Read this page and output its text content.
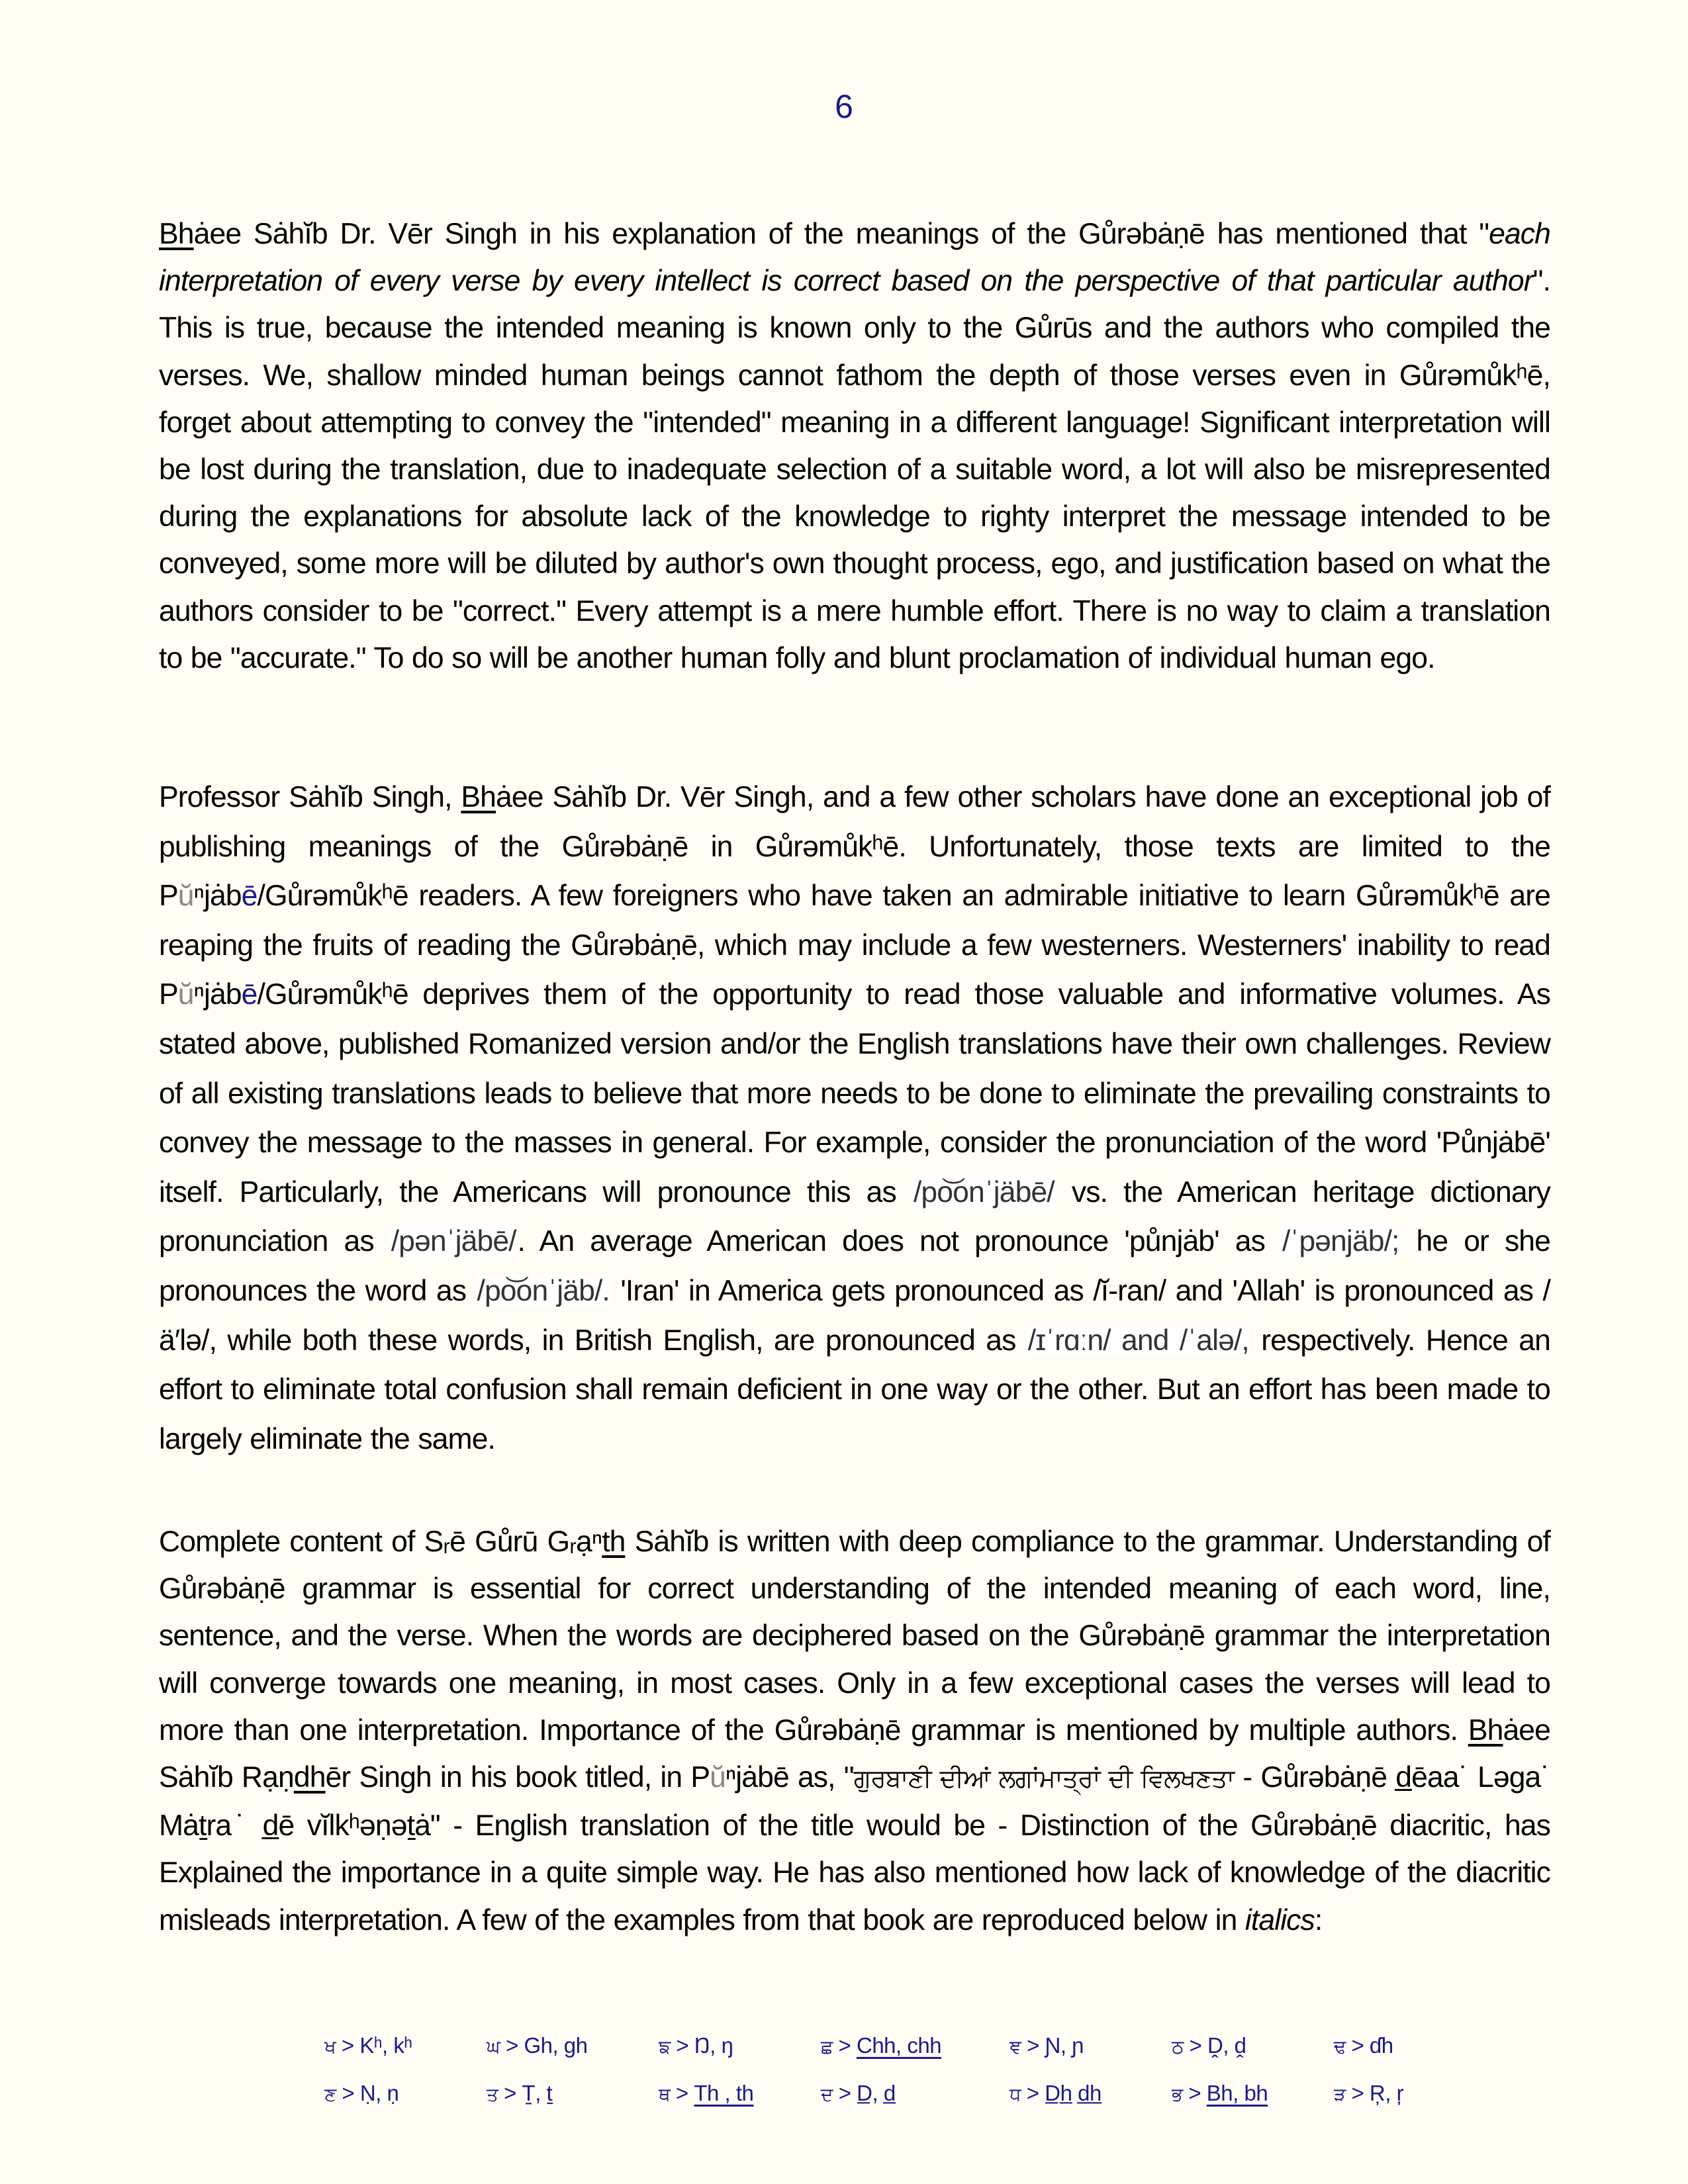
6

Bhȧee Sȧhĭb Dr. Vēr Singh in his explanation of the meanings of the Gůrəbȧṇē has mentioned that "each interpretation of every verse by every intellect is correct based on the perspective of that particular author". This is true, because the intended meaning is known only to the Gůrūs and the authors who compiled the verses. We, shallow minded human beings cannot fathom the depth of those verses even in Gůrəmůkʰē, forget about attempting to convey the "intended" meaning in a different language! Significant interpretation will be lost during the translation, due to inadequate selection of a suitable word, a lot will also be misrepresented during the explanations for absolute lack of the knowledge to righty interpret the message intended to be conveyed, some more will be diluted by author's own thought process, ego, and justification based on what the authors consider to be "correct." Every attempt is a mere humble effort. There is no way to claim a translation to be "accurate." To do so will be another human folly and blunt proclamation of individual human ego.

Professor Sȧhĭb Singh, Bhȧee Sȧhĭb Dr. Vēr Singh, and a few other scholars have done an exceptional job of publishing meanings of the Gůrəbȧṇē in Gůrəmůkʰē. Unfortunately, those texts are limited to the Pŭⁿjȧbē/Gůrəmůkʰē readers. A few foreigners who have taken an admirable initiative to learn Gůrəmůkʰē are reaping the fruits of reading the Gůrəbȧṇē, which may include a few westerners. Westerners' inability to read Pŭⁿjȧbē/Gůrəmůkʰē deprives them of the opportunity to read those valuable and informative volumes. As stated above, published Romanized version and/or the English translations have their own challenges. Review of all existing translations leads to believe that more needs to be done to eliminate the prevailing constraints to convey the message to the masses in general. For example, consider the pronunciation of the word 'Půnjȧbē' itself. Particularly, the Americans will pronounce this as /po͝onˈjäbē/ vs. the American heritage dictionary pronunciation as /pənˈjäbē/. An average American does not pronounce 'půnjȧb' as /ˈpənjäb/; he or she pronounces the word as /po͝onˈjäb/. 'Iran' in America gets pronounced as /ĭ-ran/ and 'Allah' is pronounced as /ä′lə/, while both these words, in British English, are pronounced as /ɪˈrɑːn/ and /ˈalə/, respectively. Hence an effort to eliminate total confusion shall remain deficient in one way or the other. But an effort has been made to largely eliminate the same.

Complete content of Sᵣē Gůrū Gᵣạⁿth Sȧhĭb is written with deep compliance to the grammar. Understanding of Gůrəbȧṇē grammar is essential for correct understanding of the intended meaning of each word, line, sentence, and the verse. When the words are deciphered based on the Gůrəbȧṇē grammar the interpretation will converge towards one meaning, in most cases. Only in a few exceptional cases the verses will lead to more than one interpretation. Importance of the Gůrəbȧṇē grammar is mentioned by multiple authors. Bhȧee Sȧhĭb Rạṇdhēr Singh in his book titled, in Pŭⁿjȧbē as, "ਗੁਰਬਾਣੀ ਦੀਆਂ ਲਗਾਂਮਾਤ੍ਰਾਂ ਦੀ ਵਿਲਖਣਤਾ - Gůrəbȧṇē d̲ēaa˙ Ləga˙ Mȧṯra˙ d̲ē vĭlkʰəṇəṯȧ" - English translation of the title would be - Distinction of the Gůrəbȧṇē diacritic, has Explained the importance in a quite simple way. He has also mentioned how lack of knowledge of the diacritic misleads interpretation. A few of the examples from that book are reproduced below in italics:

ਖ > Kʰ, kʰ	ਘ > Gh, gh	ਙ > Ŋ, ŋ	ਛ > Chh, chh	ਞ > Ɲ, ɲ	ਠ > Ḓ, ḓ	ਢ > ɗh
ਣ > Ṇ, ṇ	ਤ > Ṯ, ṯ	ਥ > Th , th	ਦ > D̲, d̲	ਧ > D̲h̲ d̲h̲	ਭ > Bh, bh	ੜ > Ŗ, ŗ
